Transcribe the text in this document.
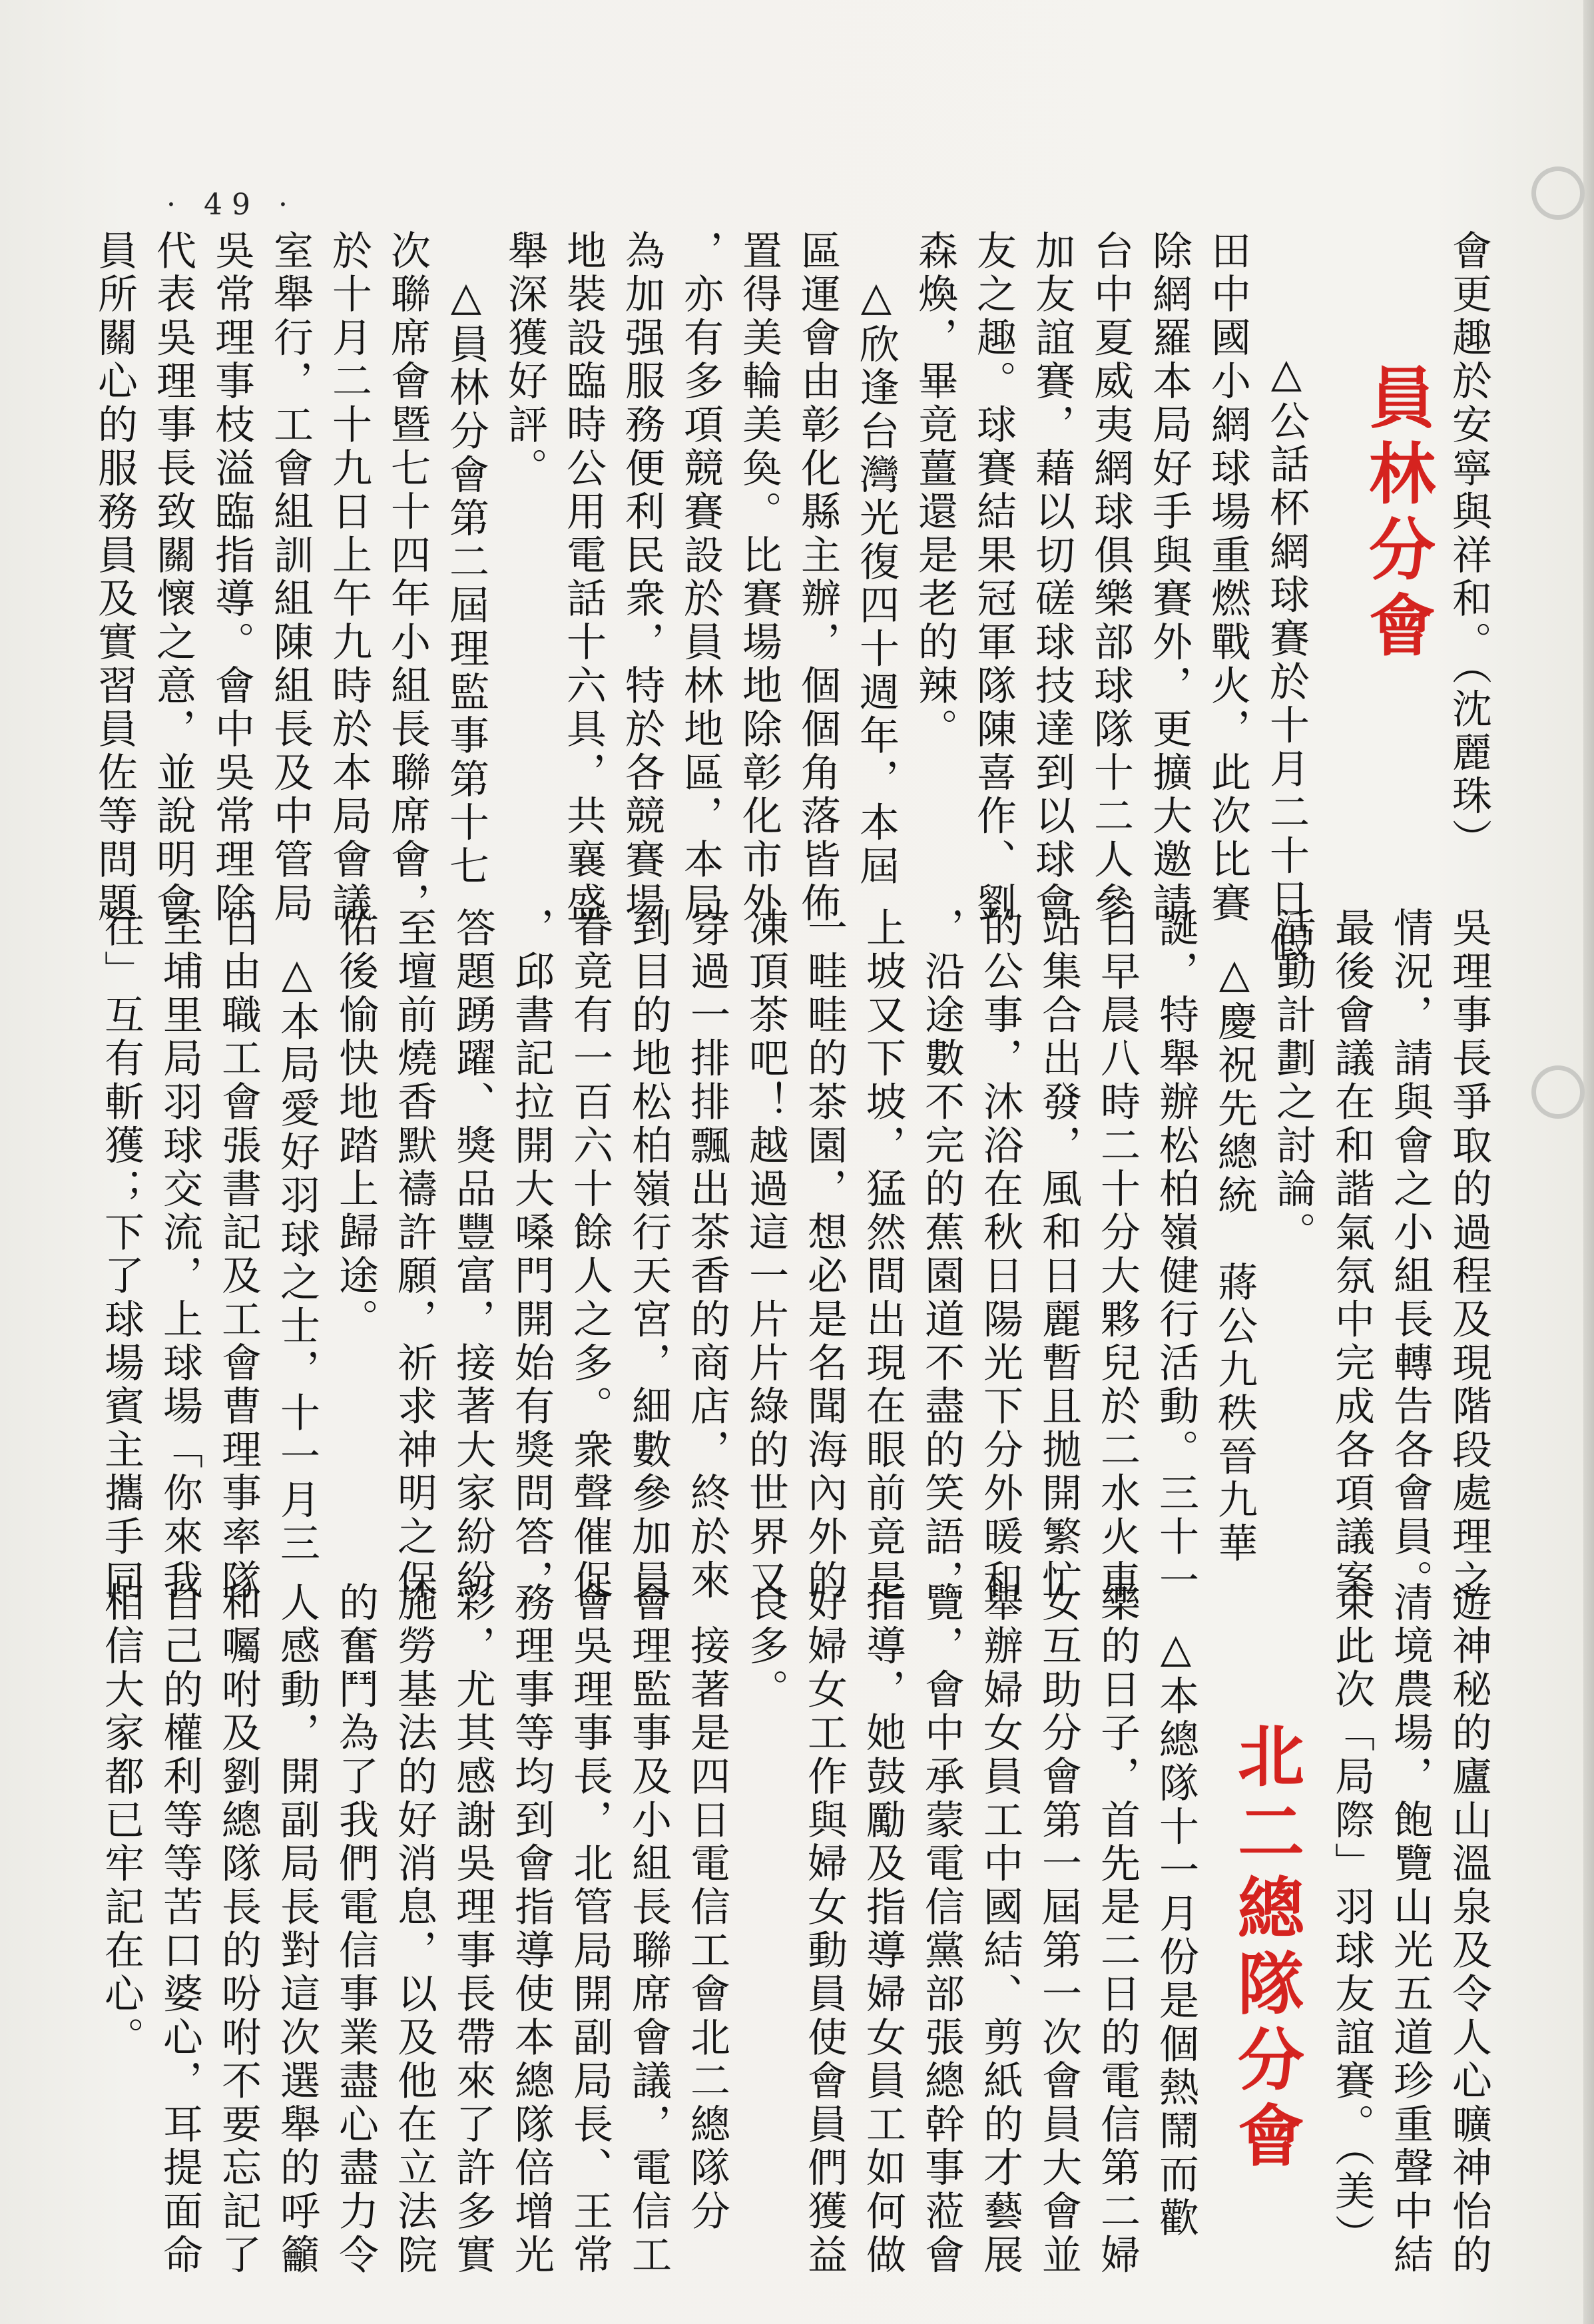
· 49 ·
員林分會
北二總隊分會

會更趣於安寧與祥和。（沈麗珠）

　△公話杯網球賽於十月二十日假

田中國小網球場重燃戰火，此次比賽

除網羅本局好手與賽外，更擴大邀請

台中夏威夷網球俱樂部球隊十二人參

加友誼賽，藉以切磋球技達到以球會

友之趣。球賽結果冠軍隊陳喜作、劉

森煥，畢竟薑還是老的辣。

　△欣逢台灣光復四十週年，本屆

區運會由彰化縣主辦，個個角落皆佈

置得美輪美奐。比賽場地除彰化市外

，亦有多項競賽設於員林地區，本局

為加强服務便利民衆，特於各競賽場

地裝設臨時公用電話十六具，共襄盛

舉深獲好評。

　△員林分會第二屆理監事第十七

次聯席會暨七十四年小組長聯席會，

於十月二十九日上午九時於本局會議

室舉行，工會組訓組陳組長及中管局

吳常理事枝溢臨指導。會中吳常理除

代表吳理事長致關懷之意，並說明會

員所關心的服務員及實習員佐等問題

吳理事長爭取的過程及現階段處理之

情況，請與會之小組長轉告各會員。

最後會議在和諧氣氛中完成各項議案

活動計劃之討論。

　△慶祝先總統　蔣公九秩晉九華

誕，特舉辦松柏嶺健行活動。三十一

日早晨八時二十分大夥兒於二水火車

站集合出發，風和日麗暫且拋開繁忙

的公事，沐浴在秋日陽光下分外暖和

，沿途數不完的蕉園道不盡的笑語，

上坡又下坡，猛然間出現在眼前竟是

一畦畦的茶園，想必是名聞海內外的

凍頂茶吧！越過這一片片綠的世界又

穿過一排排飄出茶香的商店，終於來

到目的地松柏嶺行天宮，細數參加員

眷竟有一百六十餘人之多。衆聲催促

，邱書記拉開大嗓門開始有獎問答，

答題踴躍、獎品豐富，接著大家紛紛

至壇前燒香默禱許願，祈求神明之保

佑後愉快地踏上歸途。

　△本局愛好羽球之士，十一月三

日由職工會張書記及工會曹理事率隊

至埔里局羽球交流，上球場「你來我

往」互有斬獲；下了球場賓主攜手同

遊神秘的廬山溫泉及令人心曠神怡的

清境農場，飽覽山光五道珍重聲中結

束此次「局際」羽球友誼賽。（美）

　△本總隊十一月份是個熱鬧而歡

樂的日子，首先是二日的電信第二婦

女互助分會第一屆第一次會員大會並

舉辦婦女員工中國結、剪紙的才藝展

覽，會中承蒙電信黨部張總幹事蒞會

指導，她鼓勵及指導婦女員工如何做

好婦女工作與婦女動員使會員們獲益

良多。

　接著是四日電信工會北二總隊分

會理監事及小組長聯席會議，電信工

會吳理事長，北管局開副局長、王常

務理事等均到會指導使本總隊倍增光

彩，尤其感謝吳理事長帶來了許多實

施勞基法的好消息，以及他在立法院

的奮鬥為了我們電信事業盡心盡力令

人感動，開副局長對這次選舉的呼籲

和囑咐及劉總隊長的吩咐不要忘記了

自己的權利等等苦口婆心，耳提面命

相信大家都已牢記在心。
